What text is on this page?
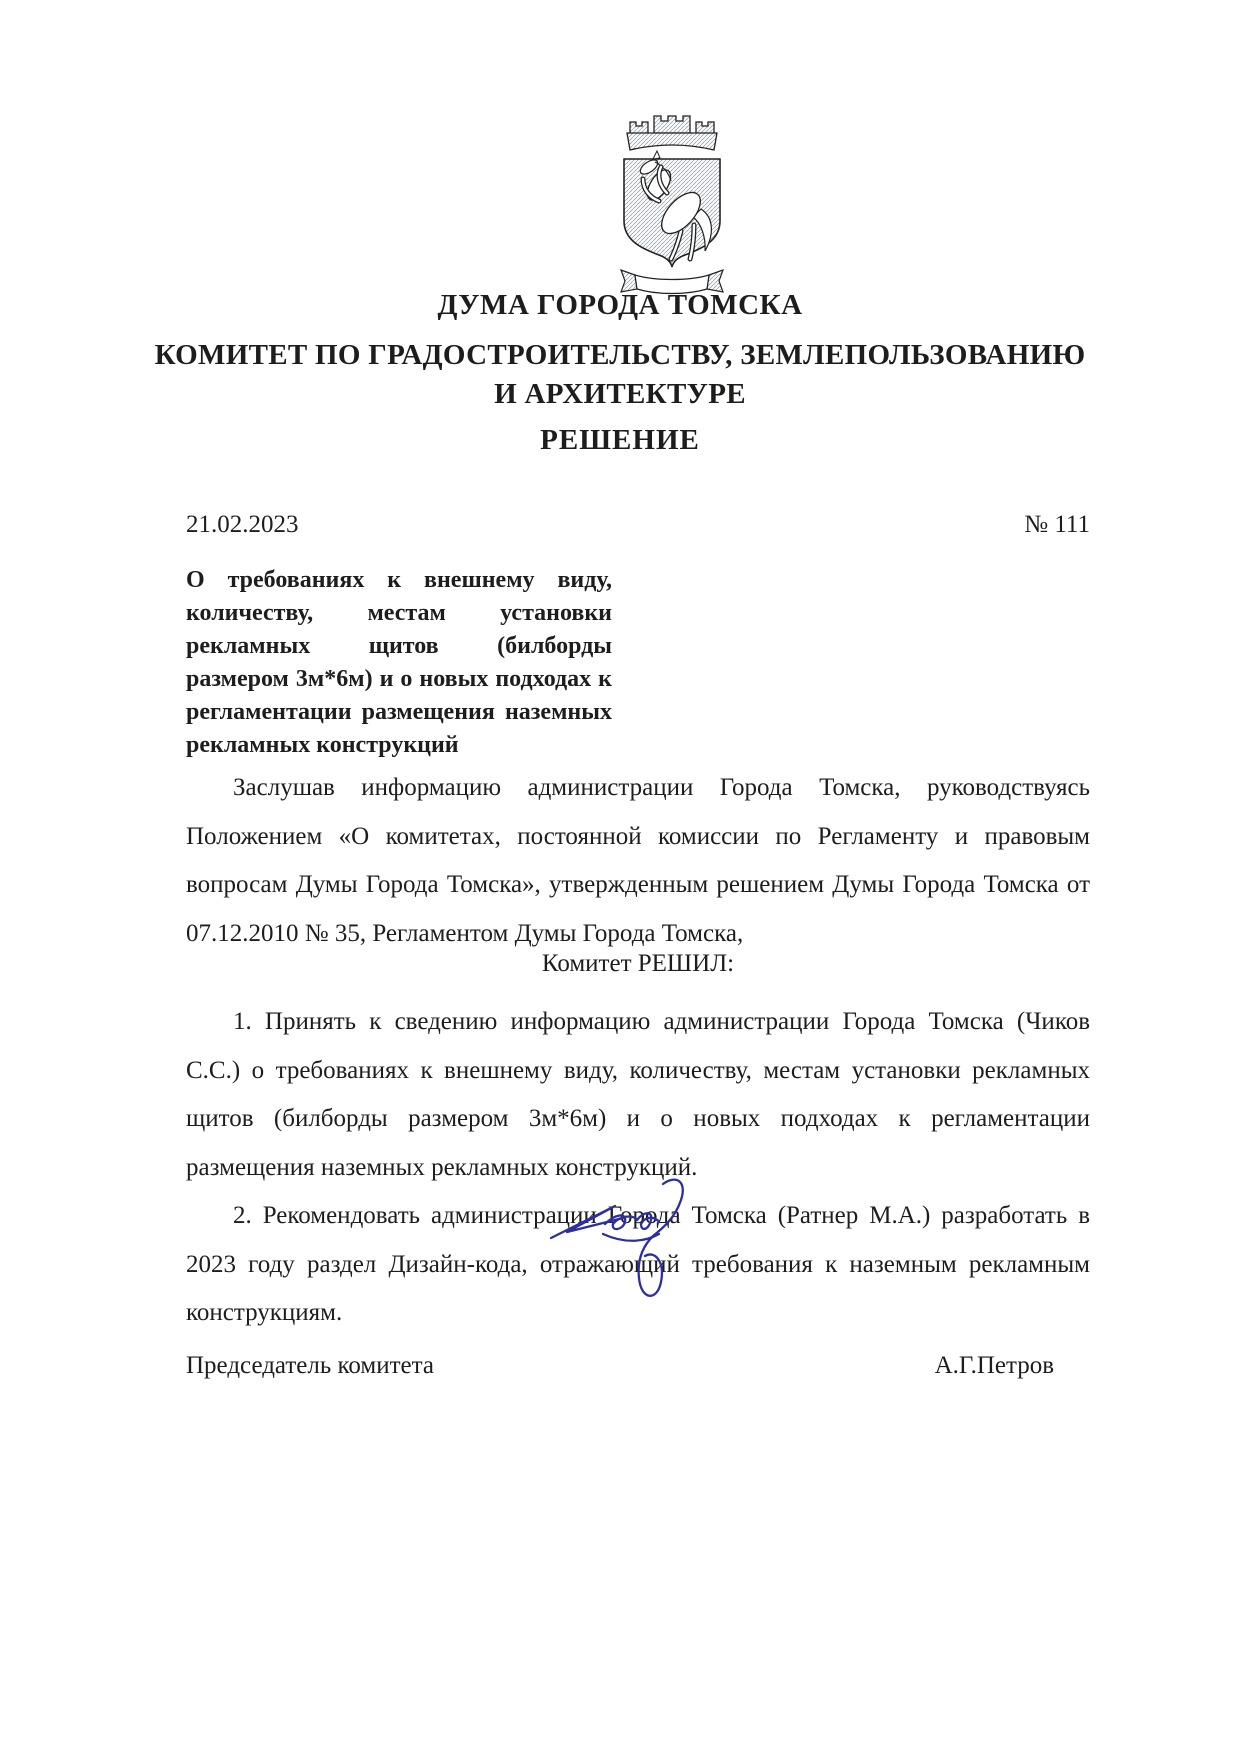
ДУМА ГОРОДА ТОМСКА
КОМИТЕТ ПО ГРАДОСТРОИТЕЛЬСТВУ, ЗЕМЛЕПОЛЬЗОВАНИЮ И АРХИТЕКТУРЕ
РЕШЕНИЕ
21.02.2023	№ 111
О требованиях к внешнему виду, количеству, местам установки рекламных щитов (билборды размером 3м*6м) и о новых подходах к регламентации размещения наземных рекламных конструкций
Заслушав информацию администрации Города Томска, руководствуясь Положением «О комитетах, постоянной комиссии по Регламенту и правовым вопросам Думы Города Томска», утвержденным решением Думы Города Томска от 07.12.2010 № 35, Регламентом Думы Города Томска,
Комитет РЕШИЛ:

1. Принять к сведению информацию администрации Города Томска (Чиков С.С.) о требованиях к внешнему виду, количеству, местам установки рекламных щитов (билборды размером 3м*6м) и о новых подходах к регламентации размещения наземных рекламных конструкций.

2. Рекомендовать администрации Города Томска (Ратнер М.А.) разработать в 2023 году раздел Дизайн-кода, отражающий требования к наземным рекламным конструкциям.

Председатель комитета	А.Г.Петров
